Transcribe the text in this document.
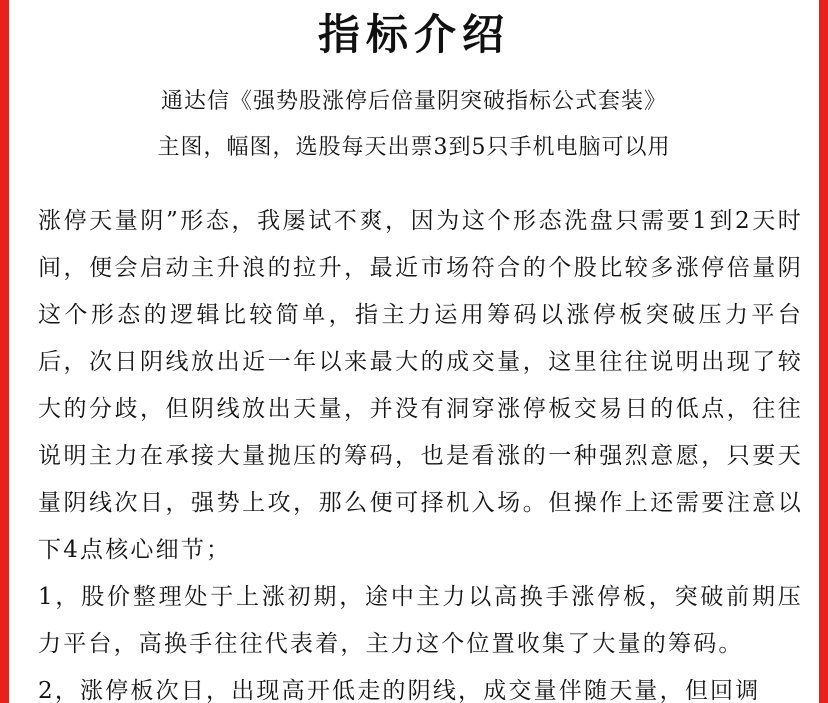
指标介绍
通达信《强势股涨停后倍量阴突破指标公式套装》
主图，幅图，选股每天出票3到5只手机电脑可以用

涨停天量阴”形态，我屡试不爽，因为这个形态洗盘只需要1到2天时间，便会启动主升浪的拉升，最近市场符合的个股比较多涨停倍量阴这个形态的逻辑比较简单，指主力运用筹码以涨停板突破压力平台后，次日阴线放出近一年以来最大的成交量，这里往往说明出现了较大的分歧，但阴线放出天量，并没有洞穿涨停板交易日的低点，往往说明主力在承接大量抛压的筹码，也是看涨的一种强烈意愿，只要天量阴线次日，强势上攻，那么便可择机入场。但操作上还需要注意以下4点核心细节；

1，股价整理处于上涨初期，途中主力以高换手涨停板，突破前期压力平台，高换手往往代表着，主力这个位置收集了大量的筹码。

2，涨停板次日，出现高开低走的阴线，成交量伴随天量，但回调
